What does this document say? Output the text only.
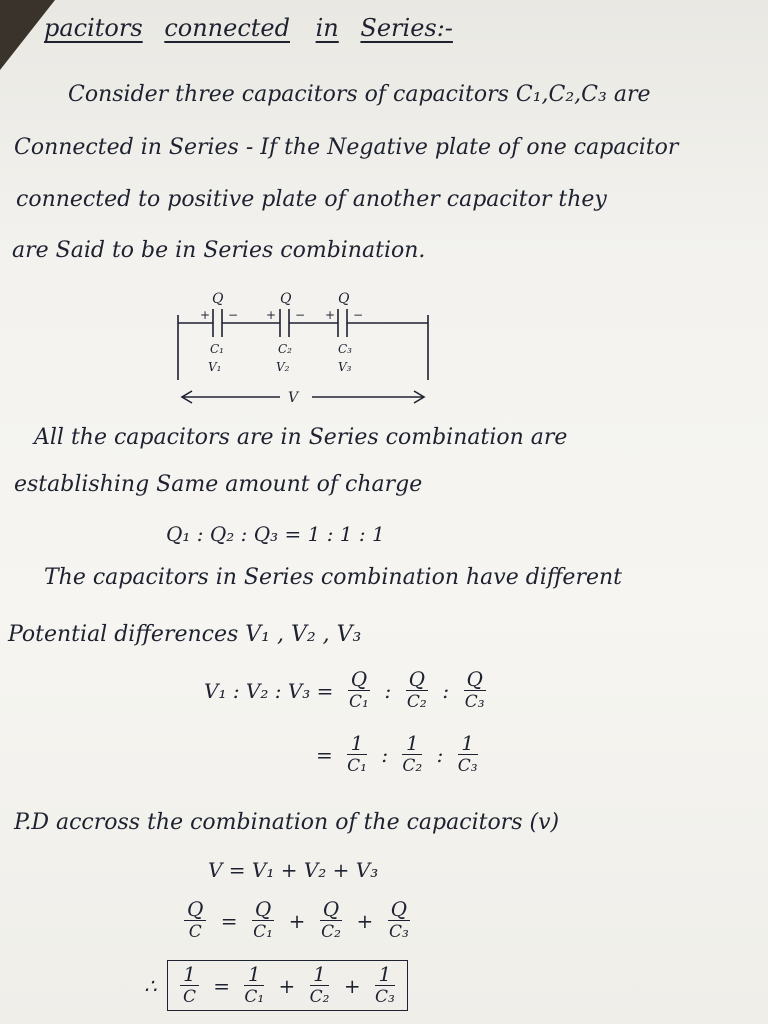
pacitors connected in Series:-
Consider three capacitors of capacitors C₁,C₂,C₃ are
Connected in Series - If the Negative plate of one capacitor
connected to positive plate of another capacitor they
are Said to be in Series combination.
Q	Q	Q
+ − + − + −
C₁	C₂	C₃
V₁	V₂	V₃
V
All the capacitors are in Series combination are
establishing Same amount of charge
Q₁ : Q₂ : Q₃ = 1 : 1 : 1
The capacitors in Series combination have different
Potential differences V₁ , V₂ , V₃
V₁ : V₂ : $V_3 = \frac{Q}{\text{C₁}}$ : $\frac{Q}{\text{C₂}}$ : $\frac{Q}{\text{C₃}}$
= $\frac{1}{\text{C₁}}$ : $\frac{1}{\text{C₂}}$ : $\frac{1}{\text{C₃}}$
P.D accross the combination of the capacitors (v)
V = V₁ + V₂ + V₃
$\frac{Q}{C} = \frac{Q}{\text{C₁}} + \frac{Q}{\text{C₂}} + \frac{Q}{\text{C₃}}$
∴ $\frac{1}{C} = \frac{1}{\text{C₁}} + \frac{1}{\text{C₂}} + \frac{1}{\text{C₃}}$
